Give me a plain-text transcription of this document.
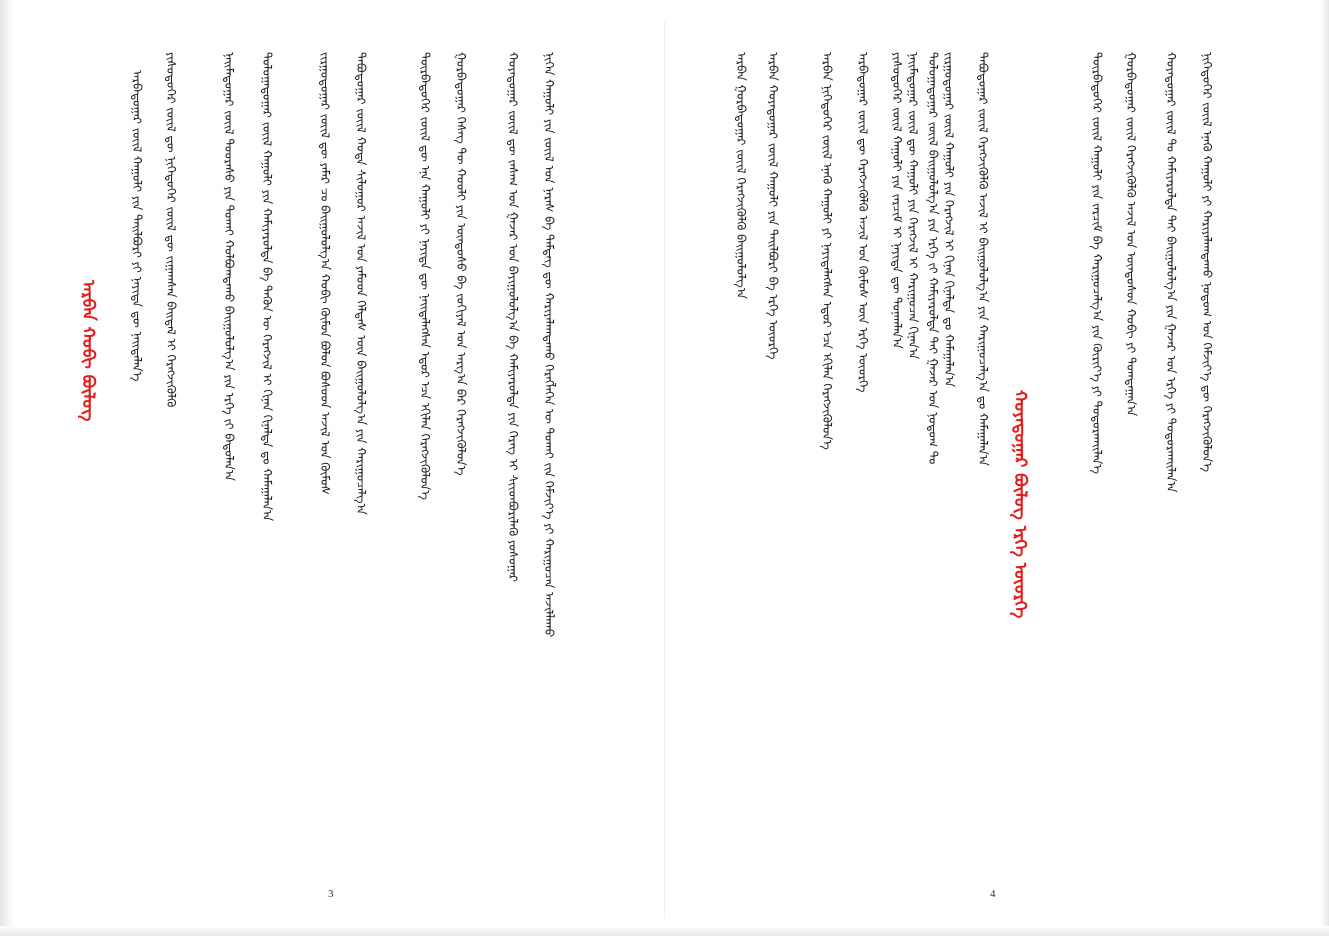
ᠠᠷᠪᠠᠳᠤᠭᠠᠷ ᠵᠦᠢᠯ ᠬᠠᠭᠤᠯᠢ ᠶᠢᠨ ᠲᠠᠢᠯᠪᠤᠷᠢ ᠶᠢ ᠨᠡᠶᠢᠲᠡ ᠳᠦ ᠨᠡᠢᠲᠡᠯᠡᠨ᠎ᠡ ᠶᠢᠰᠦᠳᠦᠭᠡᠷ ᠵᠦᠢᠯ ᠳᠦ ᠨᠢᠭᠡᠳᠦᠭᠡᠷ ᠵᠦᠢᠯ ᠳᠦ ᠵᠢᠭᠠᠭᠰᠠᠨ ᠪᠠᠢᠳᠠᠯ ᠢ ᠬᠡᠷᠡᠭᠵᠢᠭᠦᠯᠬᠦ	ᠨᠠᠢᠮᠠᠳᠤᠭᠠᠷ ᠵᠦᠢᠯ ᠲᠤᠤᠷᠠᠰᠤ ᠶᠢᠨ ᠲᠤᠬᠠᠢ ᠬᠣᠯᠪᠣᠭᠳᠠᠬᠤ ᠪᠠᠢᠭᠤᠯᠤᠯᠭ᠎ᠠ ᠶᠢᠨ ᠡᠷᠬᠡ ᠵᠢ ᠪᠠᠲᠤᠯᠠᠨ᠎ᠠ ᠳᠤᠯᠤᠭᠠᠳᠤᠭᠠᠷ ᠵᠦᠢᠯ ᠬᠠᠭᠤᠯᠢ ᠶᠢᠨ ᠬᠠᠮᠢᠶᠠᠷᠤᠯᠲᠠ ᠪᠠ ᠲᠡᠭᠦᠨ ᠦ ᠬᠡᠷᠡᠭᠵᠢᠯ ᠢ ᠬᠢᠨᠠᠨ ᠬᠢᠨᠠᠯᠲᠠ ᠳᠤ ᠬᠠᠮᠠᠭᠠᠯᠠᠨ᠎ᠠ	ᠵᠢᠷᠭᠤᠳᠤᠭᠠᠷ ᠵᠦᠢᠯ ᠳᠦ ᠶᠠᠮᠠᠷ ᠴᠤ ᠪᠠᠢᠭᠤᠯᠤᠯᠭ᠎ᠠ ᠬᠤᠪᠢ ᠬᠦᠮᠦᠨ ᠪᠤᠯᠤᠨ ᠪᠤᠰᠤᠳ ᠠᠵᠢᠯ ᠤᠨ ᠬᠦᠮᠦᠰ ᠲᠠᠪᠤᠳᠤᠭᠠᠷ ᠵᠦᠢᠯ ᠬᠣᠲᠠ ᠰᠢᠯᠤᠭᠤᠷ ᠠᠵᠢᠯ ᠤᠨ ᠶᠠᠮᠤᠳ ᠬᠡᠯᠲᠡᠰ ᠦᠨ ᠪᠠᠢᠭᠤᠯᠤᠯᠭ᠎ᠠ ᠶᠢᠨ ᠬᠠᠷᠢᠭᠤᠴᠠᠯᠭ᠎ᠠ	ᠳᠦᠷᠪᠡᠳᠦᠭᠡᠷ ᠵᠦᠢᠯ ᠳᠦ ᠡᠨᠡ ᠬᠠᠭᠤᠯᠢ ᠶᠢ ᠨᠡᠶᠢᠲᠡ ᠳᠦ ᠨᠡᠢᠲᠡᠯᠡᠭᠰᠡᠨ ᠡᠳᠦᠷ ᠡᠴᠡ ᠡᠬᠢᠯᠡᠨ ᠬᠡᠷᠡᠭᠵᠢᠭᠦᠯᠦᠨ᠎ᠡ ᠭᠤᠷᠪᠠᠳᠤᠭᠠᠷ ᠬᠡᠰᠡᠭ ᠲᠦ ᠬᠤᠤᠯᠢ ᠶᠢᠨ ᠦᠨᠳᠦᠰᠦ ᠪᠠ ᠵᠣᠬᠢᠶᠠᠯ ᠤᠨ ᠠᠷᠭ᠎ᠠ ᠪᠠᠷ ᠬᠡᠷᠡᠭᠵᠢᠭᠦᠯᠦᠨ᠎ᠡ	ᠬᠤᠶᠠᠳᠤᠭᠠᠷ ᠵᠦᠢᠯ ᠳᠦ ᠵᠠᠰᠠᠭ ᠤᠨ ᠭᠠᠵᠠᠷ ᠤᠨ ᠪᠠᠶᠢᠭᠤᠯᠤᠯᠭ᠎ᠠ ᠪᠠ ᠬᠠᠮᠢᠶᠠᠷᠤᠯᠲᠠ ᠶᠢᠨ ᠬᠡᠷᠡᠭ ᠢ ᠰᠢᠢᠳᠪᠦᠷᠢᠯᠡᠬᠦ ᠶᠣᠰᠣᠭᠠᠷ ᠨᠢᠭᠡᠨ ᠬᠠᠭᠤᠯᠢ ᠶᠢᠨ ᠵᠦᠢᠯ ᠤᠨ ᠨᠡᠷᠡᠰ ᠪᠠ ᠲᠡᠮᠳᠡᠭ ᠳᠦ ᠬᠠᠷᠢᠶᠠᠯᠠᠭᠳᠠᠬᠤ ᠬᠡᠷᠡᠭᠯᠡᠭᠡᠨ ᠦ ᠲᠤᠬᠠᠢ ᠵᠢᠨ ᠬᠡᠮᠵᠢᠶ᠎ᠡ ᠶᠢ ᠬᠠᠷᠢᠭᠤᠴᠠᠨ ᠠᠵᠢᠯᠯᠠᠬᠤ
ᠠᠷᠪᠠᠨ ᠬᠤᠪᠢ ᠪᠦᠯᠦᠭ
3
ᠠᠷᠪᠠᠨ ᠭᠤᠷᠪᠠᠳᠤᠭᠠᠷ ᠵᠦᠢᠯ ᠬᠡᠷᠡᠭᠵᠢᠭᠦᠯᠬᠦ ᠪᠠᠢᠭᠤᠯᠤᠯᠭ᠎ᠠ ᠠᠷᠪᠠᠨ ᠬᠤᠶᠠᠳᠤᠭᠠᠷ ᠵᠦᠢᠯ ᠬᠠᠭᠤᠯᠢ ᠶᠢᠨ ᠲᠠᠢᠯᠪᠤᠷᠢ ᠪᠠ ᠡᠷᠬᠡ ᠦᠦᠷᠭᠡ	ᠠᠷᠪᠠᠨ ᠨᠢᠭᠡᠳᠦᠭᠡᠷ ᠵᠦᠢᠯ ᠡᠨᠡᠬᠦ ᠬᠠᠭᠤᠯᠢ ᠶᠢ ᠨᠡᠶᠢᠲᠡᠯᠡᠭᠰᠡᠨ ᠡᠳᠦᠷ ᠡᠴᠡ ᠡᠬᠢᠯᠡᠨ ᠬᠡᠷᠡᠭᠵᠢᠭᠦᠯᠦᠨ᠎ᠡ ᠠᠷᠪᠠᠳᠤᠭᠠᠷ ᠵᠦᠢᠯ ᠳᠦ ᠬᠡᠷᠡᠭᠵᠢᠭᠦᠯᠬᠦ ᠠᠵᠢᠯ ᠤᠨ ᠬᠦᠮᠦᠰ ᠦᠨ ᠡᠷᠬᠡ ᠦᠦᠷᠭᠡ ᠶᠢᠰᠦᠳᠦᠭᠡᠷ ᠵᠦᠢᠯ ᠬᠠᠭᠤᠯᠢ ᠶᠢᠨ ᠵᠠᠷᠴᠢᠮ ᠢ ᠨᠡᠶᠢᠲᠡ ᠳᠦ ᠲᠤᠨᠠᠭᠯᠠᠨ᠎ᠠ ᠨᠠᠢᠮᠠᠳᠤᠭᠠᠷ ᠵᠦᠢᠯ ᠳᠦ ᠬᠠᠭᠤᠯᠢ ᠶᠢᠨ ᠬᠡᠷᠡᠭᠵᠢᠯ ᠢ ᠬᠠᠷᠢᠭᠤᠴᠠᠨ ᠬᠢᠨᠠᠨ᠎ᠠ ᠳᠤᠯᠤᠭᠠᠳᠤᠭᠠᠷ ᠵᠦᠢᠯ ᠪᠠᠢᠭᠤᠯᠤᠯᠭ᠎ᠠ ᠶᠢᠨ ᠡᠷᠬᠡ ᠵᠢ ᠬᠠᠮᠢᠶᠠᠷᠤᠯᠲᠠ ᠲᠠᠢ ᠭᠠᠵᠠᠷ ᠤᠨ ᠨᠤᠲᠤᠭ ᠲᠤ ᠵᠢᠷᠭᠤᠳᠤᠭᠠᠷ ᠵᠦᠢᠯ ᠬᠠᠭᠤᠯᠢ ᠶᠢᠨ ᠬᠡᠷᠡᠭᠵᠢᠯ ᠢ ᠬᠢᠨᠠᠨ ᠬᠢᠨᠠᠯᠲᠠ ᠳᠤ ᠬᠠᠮᠠᠭᠠᠯᠠᠨ᠎ᠠ ᠲᠠᠪᠤᠳᠤᠭᠠᠷ ᠵᠦᠢᠯ ᠬᠡᠷᠡᠭᠵᠢᠭᠦᠯᠬᠦ ᠠᠵᠢᠯ ᠢ ᠪᠠᠢᠭᠤᠯᠤᠯᠭ᠎ᠠ ᠶᠢᠨ ᠬᠠᠷᠢᠭᠤᠴᠠᠯᠭ᠎ᠠ ᠳᠤ ᠬᠠᠮᠠᠭᠠᠯᠠᠨ᠎ᠠ	ᠳᠦᠷᠪᠡᠳᠦᠭᠡᠷ ᠵᠦᠢᠯ ᠬᠠᠭᠤᠯᠢ ᠶᠢᠨ ᠵᠠᠷᠴᠢᠮ ᠪᠠ ᠬᠠᠷᠢᠭᠤᠴᠠᠯᠭ᠎ᠠ ᠶᠢᠨ ᠬᠦᠷᠢᠶ᠎ᠡ ᠶᠢ ᠲᠤᠳᠤᠷᠬᠠᠢᠯᠠᠨ᠎ᠡ ᠭᠤᠷᠪᠠᠳᠤᠭᠠᠷ ᠵᠦᠢᠯ ᠬᠡᠷᠡᠭᠵᠢᠭᠦᠯᠬᠦ ᠠᠵᠢᠯ ᠤᠨ ᠦᠨᠳᠦᠰᠦᠨ ᠬᠤᠪᠢ ᠶᠢ ᠲᠣᠭᠲᠠᠭᠠᠨ᠎ᠠ ᠬᠤᠶᠠᠳᠤᠭᠠᠷ ᠵᠦᠢᠯ ᠲᠤ ᠬᠠᠮᠢᠶᠠᠷᠤᠯᠲᠠ ᠲᠠᠢ ᠪᠠᠢᠭᠤᠯᠤᠯᠭ᠎ᠠ ᠶᠢᠨ ᠭᠠᠵᠠᠷ ᠤᠨ ᠡᠷᠬᠡ ᠶᠢ ᠲᠤᠳᠤᠷᠬᠠᠢᠯᠠᠨ᠎ᠠ ᠨᠢᠭᠡᠳᠦᠭᠡᠷ ᠵᠦᠢᠯ ᠡᠨᠡᠬᠦ ᠬᠠᠭᠤᠯᠢ ᠶᠢ ᠬᠠᠷᠢᠶᠠᠯᠠᠭᠳᠠᠬᠤ ᠨᠤᠲᠤᠭ ᠤᠨ ᠬᠡᠮᠵᠢᠶ᠎ᠡ ᠳᠦ ᠬᠡᠷᠡᠭᠵᠢᠭᠦᠯᠦᠨ᠎ᠡ
ᠬᠤᠶᠠᠳᠤᠭᠠᠷ ᠪᠦᠯᠦᠭ ᠡᠷᠬᠡ ᠦᠦᠷᠭᠡ
4
